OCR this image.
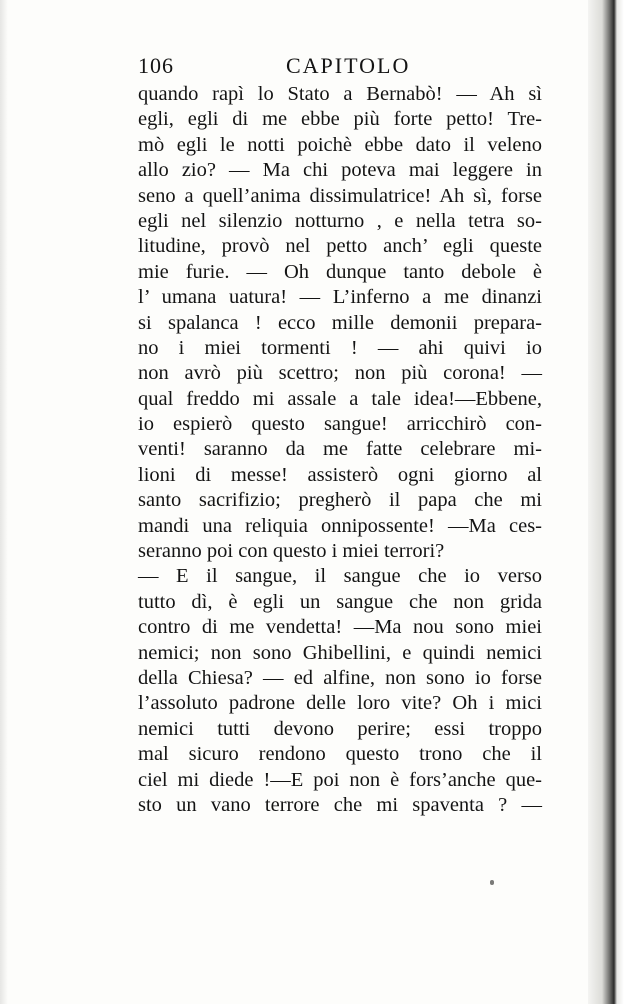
106	CAPITOLO
quando rapì lo Stato a Bernabò! — Ah sì
egli, egli di me ebbe più forte petto! Tre-
mò egli le notti poichè ebbe dato il veleno
allo zio? — Ma chi poteva mai leggere in
seno a quell’anima dissimulatrice! Ah sì, forse
egli nel silenzio notturno , e nella tetra so-
litudine, provò nel petto anch’ egli queste
mie furie. — Oh dunque tanto debole è
l’ umana uatura! — L’inferno a me dinanzi
si spalanca ! ecco mille demonii prepara-
no i miei tormenti ! — ahi quivi io
non avrò più scettro; non più corona! —
qual freddo mi assale a tale idea!—Ebbene,
io espierò questo sangue! arricchirò con-
venti! saranno da me fatte celebrare mi-
lioni di messe! assisterò ogni giorno al
santo sacrifizio; pregherò il papa che mi
mandi una reliquia onnipossente! —Ma ces-
seranno poi con questo i miei terrori?
— E il sangue, il sangue che io verso
tutto dì, è egli un sangue che non grida
contro di me vendetta! —Ma nou sono miei
nemici; non sono Ghibellini, e quindi nemici
della Chiesa? — ed alfine, non sono io forse
l’assoluto padrone delle loro vite? Oh i mici
nemici tutti devono perire; essi troppo
mal sicuro rendono questo trono che il
ciel mi diede !—E poi non è fors’anche que-
sto un vano terrore che mi spaventa ? —
